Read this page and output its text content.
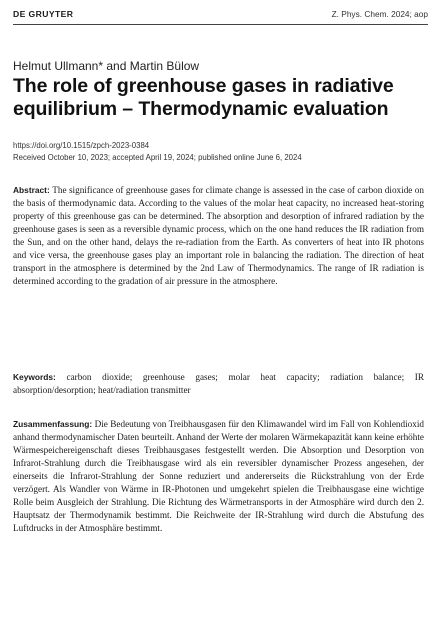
DE GRUYTER	Z. Phys. Chem. 2024; aop
Helmut Ullmann* and Martin Bülow
The role of greenhouse gases in radiative equilibrium – Thermodynamic evaluation
https://doi.org/10.1515/zpch-2023-0384
Received October 10, 2023; accepted April 19, 2024; published online June 6, 2024
Abstract: The significance of greenhouse gases for climate change is assessed in the case of carbon dioxide on the basis of thermodynamic data. According to the values of the molar heat capacity, no increased heat-storing property of this greenhouse gas can be determined. The absorption and desorption of infrared radiation by the greenhouse gases is seen as a reversible dynamic process, which on the one hand reduces the IR radiation from the Sun, and on the other hand, delays the re-radiation from the Earth. As converters of heat into IR photons and vice versa, the greenhouse gases play an important role in balancing the radiation. The direction of heat transport in the atmosphere is determined by the 2nd Law of Thermodynamics. The range of IR radiation is determined according to the gradation of air pressure in the atmosphere.
Keywords: carbon dioxide; greenhouse gases; molar heat capacity; radiation balance; IR absorption/desorption; heat/radiation transmitter
Zusammenfassung: Die Bedeutung von Treibhausgasen für den Klimawandel wird im Fall von Kohlendioxid anhand thermodynamischer Daten beurteilt. Anhand der Werte der molaren Wärmekapazität kann keine erhöhte Wärmespeichereigenschaft dieses Treibhausgases festgestellt werden. Die Absorption und Desorption von Infrarot-Strahlung durch die Treibhausgase wird als ein reversibler dynamischer Prozess angesehen, der einerseits die Infrarot-Strahlung der Sonne reduziert und andererseits die Rückstrahlung von der Erde verzögert. Als Wandler von Wärme in IR-Photonen und umgekehrt spielen die Treibhausgase eine wichtige Rolle beim Ausgleich der Strahlung. Die Richtung des Wärmetransports in der Atmosphäre wird durch den 2. Hauptsatz der Thermodynamik bestimmt. Die Reichweite der IR-Strahlung wird durch die Abstufung des Luftdrucks in der Atmosphäre bestimmt.
